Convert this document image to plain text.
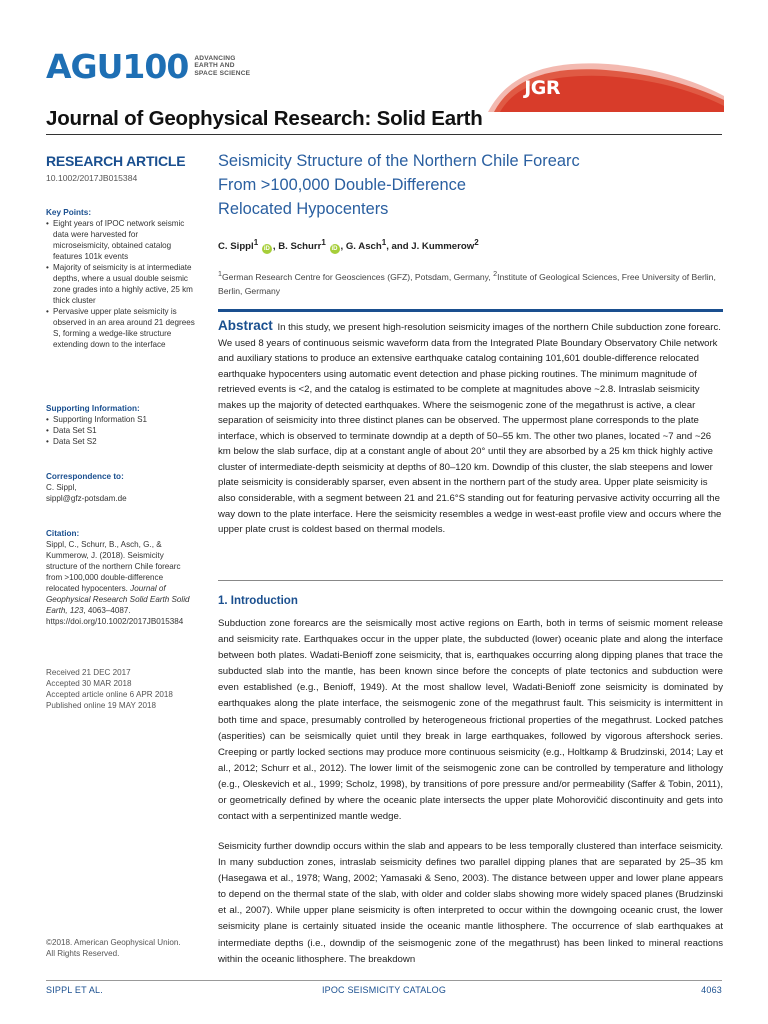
AGU100 ADVANCING
EARTH AND
SPACE SCIENCE
JGR
Journal of Geophysical Research: Solid Earth
RESEARCH ARTICLE
10.1002/2017JB015384
Key Points:
• Eight years of IPOC network seismic data were harvested for microseismicity, obtained catalog features 101k events
• Majority of seismicity is at intermediate depths, where a usual double seismic zone grades into a highly active, 25 km thick cluster
• Pervasive upper plate seismicity is observed in an area around 21 degrees S, forming a wedge-like structure extending down to the interface
Supporting Information:
• Supporting Information S1
• Data Set S1
• Data Set S2
Correspondence to:
C. Sippl,
sippl@gfz-potsdam.de
Citation:
Sippl, C., Schurr, B., Asch, G., & Kummerow, J. (2018). Seismicity structure of the northern Chile forearc from >100,000 double-difference relocated hypocenters. Journal of Geophysical Research Solid Earth Solid Earth, 123, 4063–4087. https://doi.org/10.1002/2017JB015384
Received 21 DEC 2017
Accepted 30 MAR 2018
Accepted article online 6 APR 2018
Published online 19 MAY 2018
©2018. American Geophysical Union.
All Rights Reserved.
Seismicity Structure of the Northern Chile Forearc
From >100,000 Double-Difference
Relocated Hypocenters
C. Sippl$^1$ iD , B. Schurr$^1$ iD , G. Asch$^1$, and J. Kummerow$^2$
$^1$German Research Centre for Geosciences (GFZ), Potsdam, Germany, $^2$Institute of Geological Sciences, Free University of Berlin, Berlin, Germany
Abstract In this study, we present high-resolution seismicity images of the northern Chile subduction zone forearc. We used 8 years of continuous seismic waveform data from the Integrated Plate Boundary Observatory Chile network and auxiliary stations to produce an extensive earthquake catalog containing 101,601 double-difference relocated earthquake hypocenters using automatic event detection and phase picking routines. The minimum magnitude of retrieved events is <2, and the catalog is estimated to be complete at magnitudes above ~2.8. Intraslab seismicity makes up the majority of detected earthquakes. Where the seismogenic zone of the megathrust is active, a clear separation of seismicity into three distinct planes can be observed. The uppermost plane corresponds to the plate interface, which is observed to terminate downdip at a depth of 50–55 km. The other two planes, located ~7 and ~26 km below the slab surface, dip at a constant angle of about 20° until they are absorbed by a 25 km thick highly active cluster of intermediate-depth seismicity at depths of 80–120 km. Downdip of this cluster, the slab steepens and lower plate seismicity is considerably sparser, even absent in the northern part of the study area. Upper plate seismicity is also considerable, with a segment between 21 and 21.6°S standing out for featuring pervasive activity occurring all the way down to the plate interface. Here the seismicity resembles a wedge in west-east profile view and occurs where the upper plate crust is coldest based on thermal models.
1. Introduction
Subduction zone forearcs are the seismically most active regions on Earth, both in terms of seismic moment release and seismicity rate. Earthquakes occur in the upper plate, the subducted (lower) oceanic plate and along the interface between both plates. Wadati-Benioff zone seismicity, that is, earthquakes occurring along dipping planes that trace the subducted slab into the mantle, has been known since before the concepts of plate tectonics and subduction were even established (e.g., Benioff, 1949). At the most shallow level, Wadati-Benioff zone seismicity is dominated by earthquakes along the plate interface, the seismogenic zone of the megathrust fault. This seismicity is intermittent in both time and space, presumably controlled by heterogeneous frictional properties of the megathrust. Locked patches (asperities) can be seismically quiet until they break in large earthquakes, followed by vigorous aftershock series. Creeping or partly locked sections may produce more continuous seismicity (e.g., Holtkamp & Brudzinski, 2014; Lay et al., 2012; Schurr et al., 2012). The lower limit of the seismogenic zone can be controlled by temperature and lithology (e.g., Oleskevich et al., 1999; Scholz, 1998), by transitions of pore pressure and/or permeability (Saffer & Tobin, 2011), or geometrically defined by where the oceanic plate intersects the upper plate Mohorovičić discontinuity and gets into contact with a serpentinized mantle wedge.
Seismicity further downdip occurs within the slab and appears to be less temporally clustered than interface seismicity. In many subduction zones, intraslab seismicity defines two parallel dipping planes that are separated by 25–35 km (Hasegawa et al., 1978; Wang, 2002; Yamasaki & Seno, 2003). The distance between upper and lower plane appears to depend on the thermal state of the slab, with older and colder slabs showing more widely spaced planes (Brudzinski et al., 2007). While upper plane seismicity is often interpreted to occur within the downgoing oceanic crust, the lower seismicity plane is certainly situated inside the oceanic mantle lithosphere. The occurrence of slab earthquakes at intermediate depths (i.e., downdip of the seismogenic zone of the megathrust) has been linked to mineral reactions within the oceanic lithosphere. The breakdown
SIPPL ET AL.	IPOC SEISMICITY CATALOG	4063
